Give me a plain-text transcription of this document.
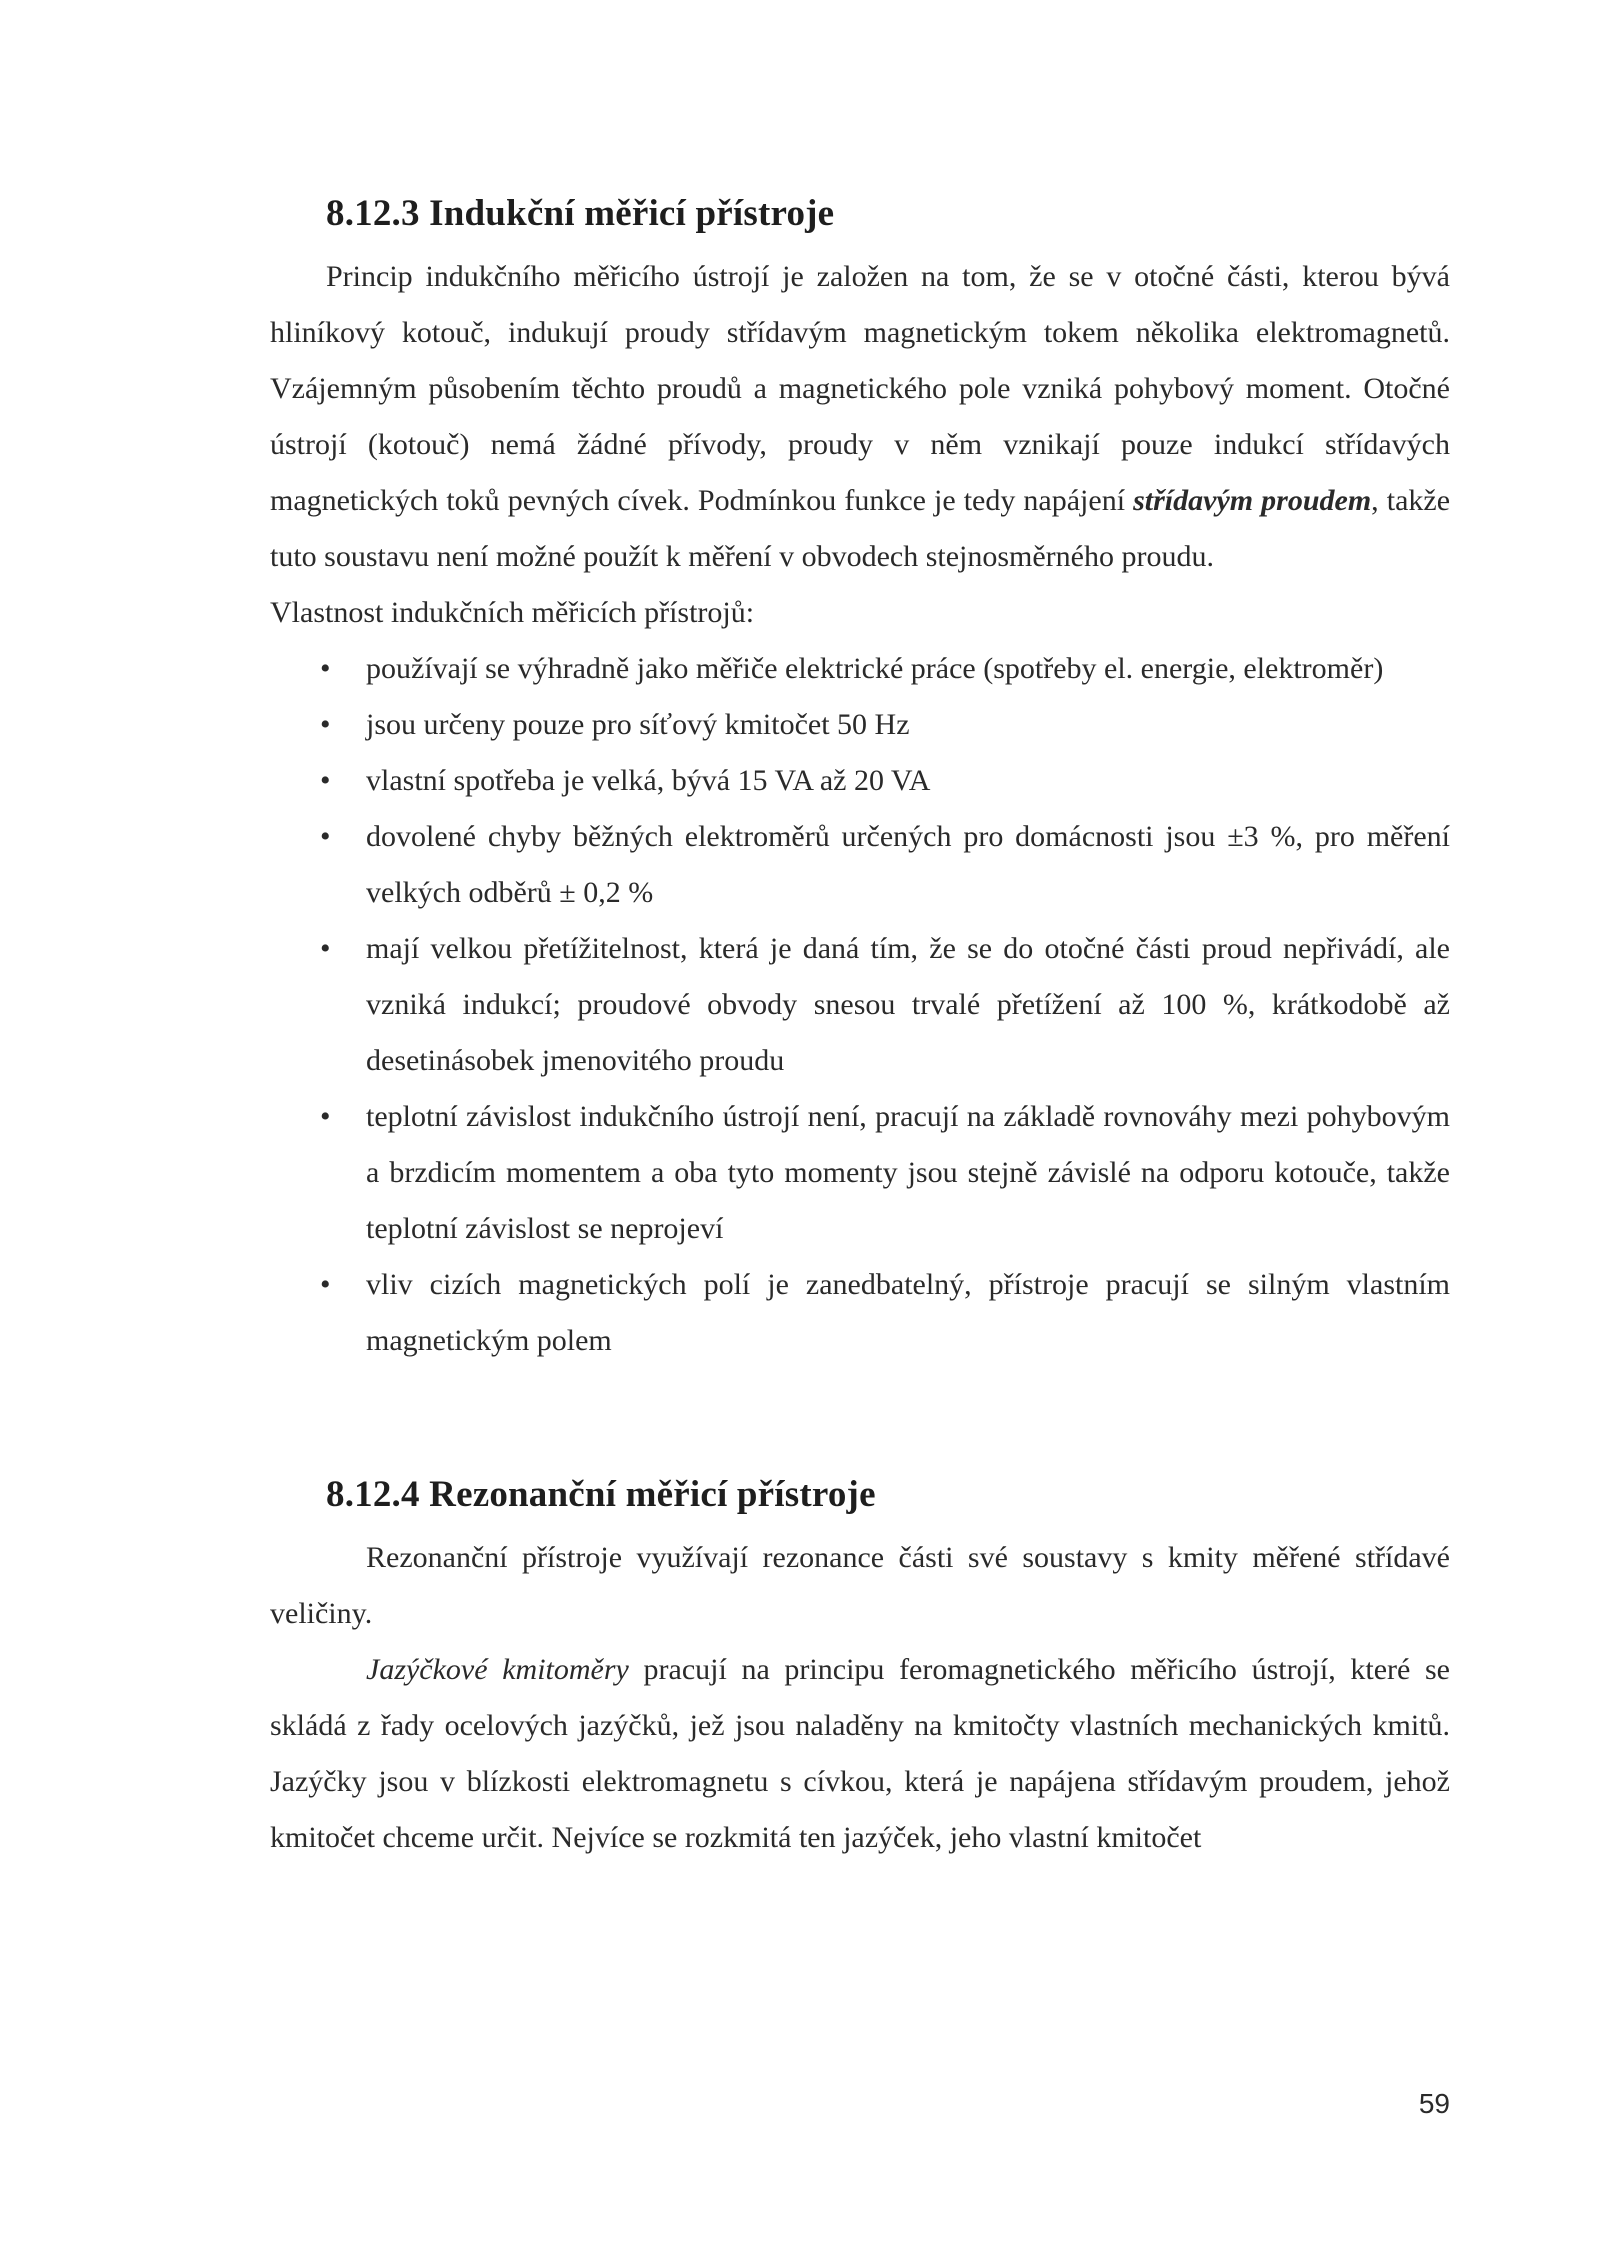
8.12.3 Indukční měřicí přístroje

Princip indukčního měřicího ústrojí je založen na tom, že se v otočné části, kterou bývá hliníkový kotouč, indukují proudy střídavým magnetickým tokem několika elektromagnetů. Vzájemným působením těchto proudů a magnetického pole vzniká pohybový moment. Otočné ústrojí (kotouč) nemá žádné přívody, proudy v něm vznikají pouze indukcí střídavých magnetických toků pevných cívek. Podmínkou funkce je tedy napájení střídavým proudem, takže tuto soustavu není možné použít k měření v obvodech stejnosměrného proudu.

Vlastnost indukčních měřicích přístrojů:

• používají se výhradně jako měřiče elektrické práce (spotřeby el. energie, elektroměr)
• jsou určeny pouze pro síťový kmitočet 50 Hz
• vlastní spotřeba je velká, bývá 15 VA až 20 VA
• dovolené chyby běžných elektroměrů určených pro domácnosti jsou ±3 %, pro měření velkých odběrů ± 0,2 %
• mají velkou přetížitelnost, která je daná tím, že se do otočné části proud nepřivádí, ale vzniká indukcí; proudové obvody snesou trvalé přetížení až 100 %, krátkodobě až desetinásobek jmenovitého proudu
• teplotní závislost indukčního ústrojí není, pracují na základě rovnováhy mezi pohybovým a brzdicím momentem a oba tyto momenty jsou stejně závislé na odporu kotouče, takže teplotní závislost se neprojeví
• vliv cizích magnetických polí je zanedbatelný, přístroje pracují se silným vlastním magnetickým polem
8.12.4 Rezonanční měřicí přístroje

Rezonanční přístroje využívají rezonance části své soustavy s kmity měřené střídavé veličiny.

Jazýčkové kmitoměry pracují na principu feromagnetického měřicího ústrojí, které se skládá z řady ocelových jazýčků, jež jsou naladěny na kmitočty vlastních mechanických kmitů. Jazýčky jsou v blízkosti elektromagnetu s cívkou, která je napájena střídavým proudem, jehož kmitočet chceme určit. Nejvíce se rozkmitá ten jazýček, jeho vlastní kmitočet

59
